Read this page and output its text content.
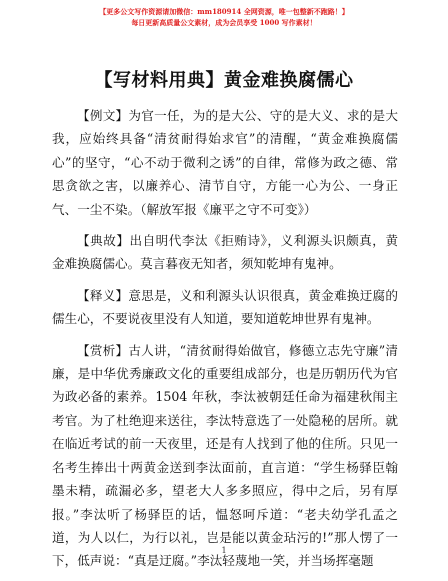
【更多公文写作资源请加微信：mm180914 全网资源，唯一包整新不跑路！】
每日更新高质量公文素材，成为会员享受 1000 写作素材！
【写材料用典】黄金难换腐儒心

【例文】为官一任，为的是大公、守的是大义、求的是大我，应始终具备“清贫耐得始求官”的清醒，“黄金难换腐儒心”的坚守，“心不动于微利之诱”的自律，常修为政之德、常思贪欲之害，以廉养心、清节自守，方能一心为公、一身正气、一尘不染。（解放军报《廉平之守不可变》）

【典故】出自明代李汰《拒贿诗》，义利源头识颇真，黄金难换腐儒心。莫言暮夜无知者，须知乾坤有鬼神。

【释义】意思是，义和利源头认识很真，黄金难换迂腐的儒生心，不要说夜里没有人知道，要知道乾坤世界有鬼神。

【赏析】古人讲，“清贫耐得始做官，修德立志先守廉”清廉，是中华优秀廉政文化的重要组成部分，也是历朝历代为官为政必备的素养。1504 年秋，李汰被朝廷任命为福建秋闱主考官。为了杜绝迎来送往，李汰特意选了一处隐秘的居所。就在临近考试的前一天夜里，还是有人找到了他的住所。只见一名考生捧出十两黄金送到李汰面前，直言道：“学生杨驿臣翰墨未精，疏漏必多，望老大人多多照应，得中之后，另有厚报。”李汰听了杨驿臣的话，愠怒呵斥道：“老夫幼学孔孟之道，为人以仁，为行以礼，岂是能以黄金玷污的!”那人愣了一下，低声说：“真是迂腐。”李汰轻蔑地一笑，并当场挥毫题

1
